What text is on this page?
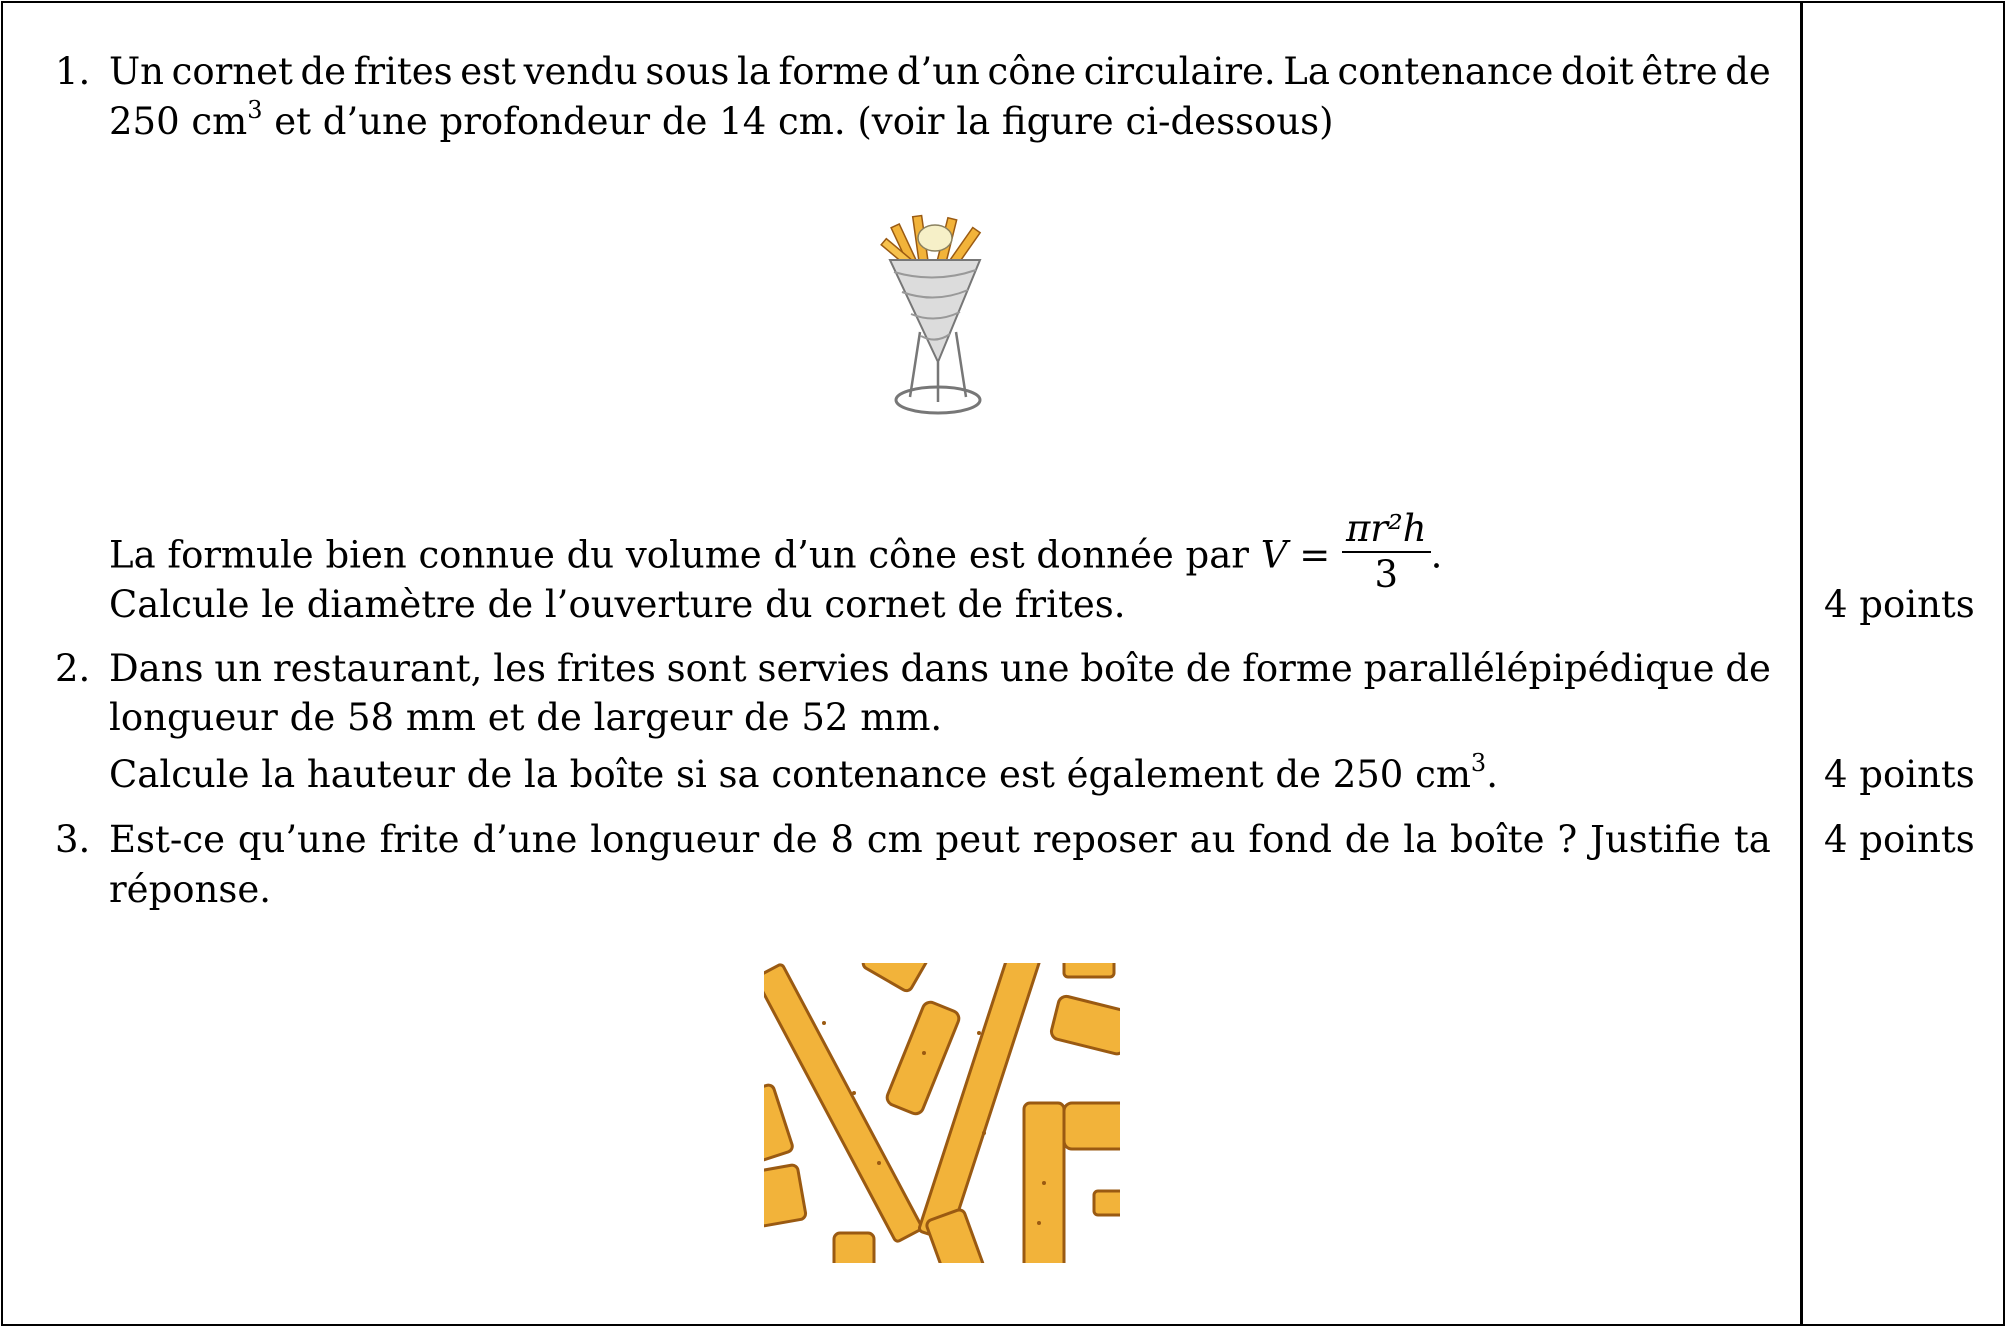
1. Un cornet de frites est vendu sous la forme d’un cône circulaire. La contenance doit être de
250 $cm^3$ et d’une profondeur de 14 cm. (voir la figure ci-dessous)
La formule bien connue du volume d’un cône est donnée par $V = \frac{\text{πr²h}}{3}$ .
Calcule le diamètre de l’ouverture du cornet de frites.	4 points
2. Dans un restaurant, les frites sont servies dans une boîte de forme parallélépipédique de
longueur de 58 mm et de largeur de 52 mm.
Calcule la hauteur de la boîte si sa contenance est également de 250 $cm^3$.	4 points
3. Est-ce qu’une frite d’une longueur de 8 cm peut reposer au fond de la boîte ? Justifie ta
réponse.
4 points
